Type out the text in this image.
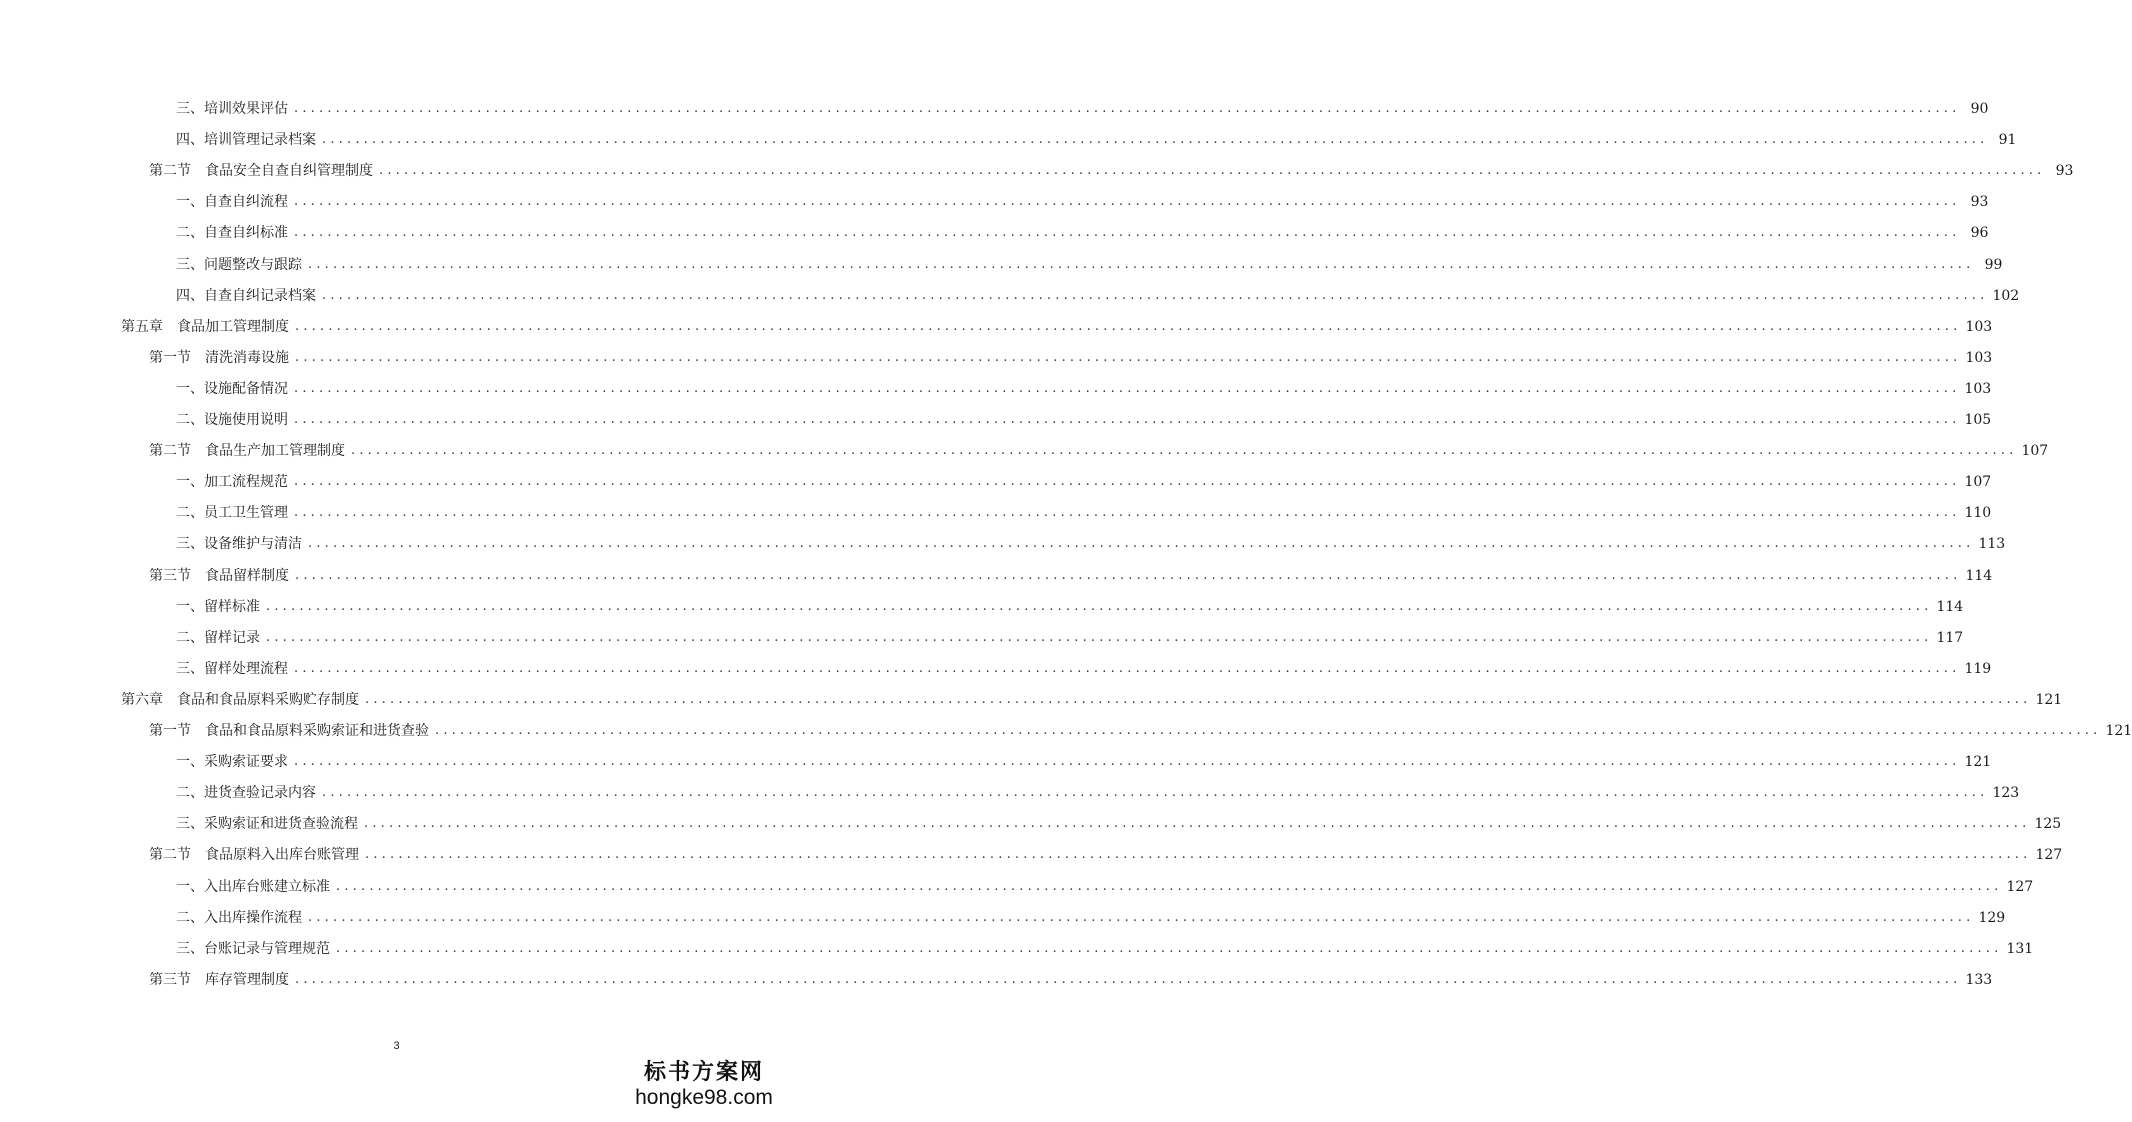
三、培训效果评估 ........................................................................................................................................................................................................ 90
四、培训管理记录档案 ........................................................................................................................................................................................................ 91
第二节　食品安全自查自纠管理制度 ........................................................................................................................................................................................................ 93
一、自查自纠流程 ........................................................................................................................................................................................................ 93
二、自查自纠标准 ........................................................................................................................................................................................................ 96
三、问题整改与跟踪 ........................................................................................................................................................................................................ 99
四、自查自纠记录档案 ........................................................................................................................................................................................................ 102
第五章　食品加工管理制度 ........................................................................................................................................................................................................ 103
第一节　清洗消毒设施 ........................................................................................................................................................................................................ 103
一、设施配备情况 ........................................................................................................................................................................................................ 103
二、设施使用说明 ........................................................................................................................................................................................................ 105
第二节　食品生产加工管理制度 ........................................................................................................................................................................................................ 107
一、加工流程规范 ........................................................................................................................................................................................................ 107
二、员工卫生管理 ........................................................................................................................................................................................................ 110
三、设备维护与清洁 ........................................................................................................................................................................................................ 113
第三节　食品留样制度 ........................................................................................................................................................................................................ 114
一、留样标准 ........................................................................................................................................................................................................ 114
二、留样记录 ........................................................................................................................................................................................................ 117
三、留样处理流程 ........................................................................................................................................................................................................ 119
第六章　食品和食品原料采购贮存制度 ........................................................................................................................................................................................................ 121
第一节　食品和食品原料采购索证和进货查验 ........................................................................................................................................................................................................ 121
一、采购索证要求 ........................................................................................................................................................................................................ 121
二、进货查验记录内容 ........................................................................................................................................................................................................ 123
三、采购索证和进货查验流程 ........................................................................................................................................................................................................ 125
第二节　食品原料入出库台账管理 ........................................................................................................................................................................................................ 127
一、入出库台账建立标准 ........................................................................................................................................................................................................ 127
二、入出库操作流程 ........................................................................................................................................................................................................ 129
三、台账记录与管理规范 ........................................................................................................................................................................................................ 131
第三节　库存管理制度 ........................................................................................................................................................................................................ 133
3
标书方案网
hongke98.com
